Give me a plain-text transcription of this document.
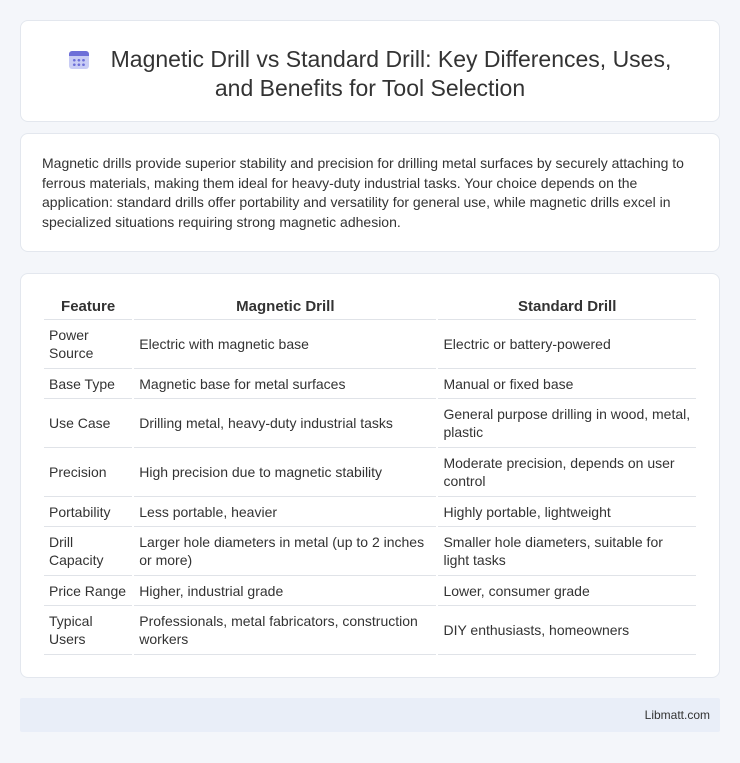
Magnetic Drill vs Standard Drill: Key Differences, Uses,
and Benefits for Tool Selection
Magnetic drills provide superior stability and precision for drilling metal surfaces by securely attaching to ferrous materials, making them ideal for heavy-duty industrial tasks. Your choice depends on the application: standard drills offer portability and versatility for general use, while magnetic drills excel in specialized situations requiring strong magnetic adhesion.
Feature	Magnetic Drill	Standard Drill
Power Source	Electric with magnetic base	Electric or battery-powered
Base Type	Magnetic base for metal surfaces	Manual or fixed base
Use Case	Drilling metal, heavy-duty industrial tasks	General purpose drilling in wood, metal, plastic
Precision	High precision due to magnetic stability	Moderate precision, depends on user control
Portability	Less portable, heavier	Highly portable, lightweight
Drill Capacity	Larger hole diameters in metal (up to 2 inches or more)	Smaller hole diameters, suitable for light tasks
Price Range	Higher, industrial grade	Lower, consumer grade
Typical Users	Professionals, metal fabricators, construction workers	DIY enthusiasts, homeowners
Libmatt.com
